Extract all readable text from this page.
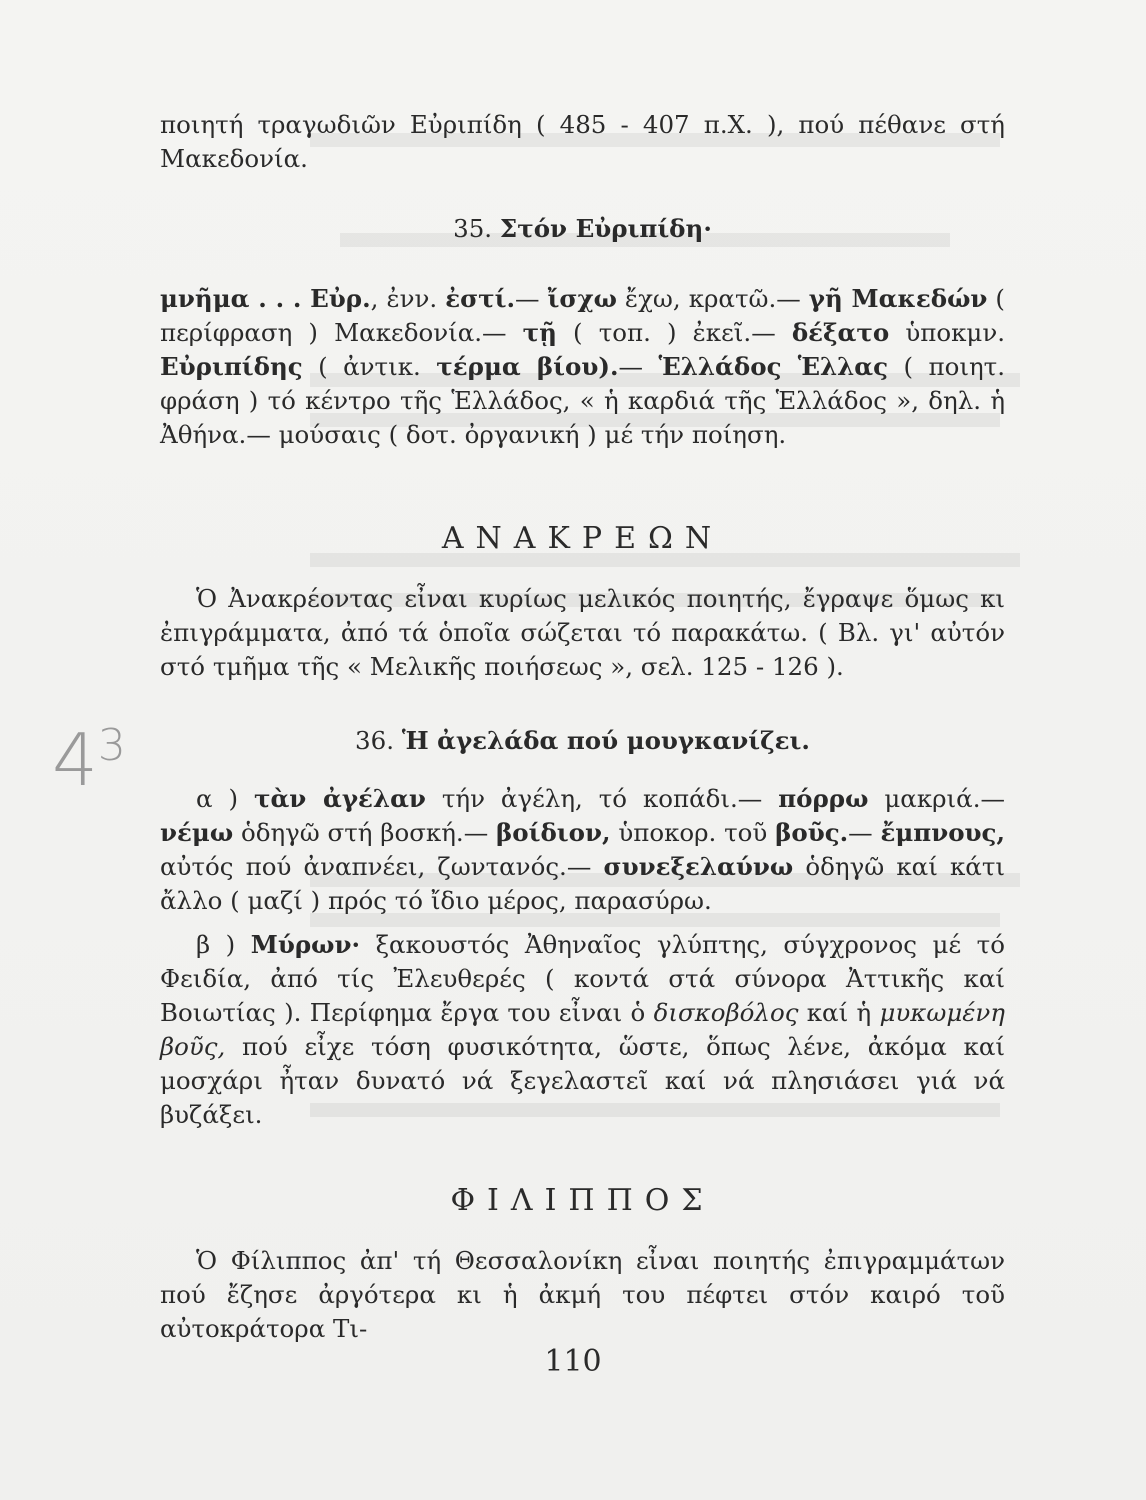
$4^3$
ποιητή τραγωδιῶν Εὐριπίδη ( 485 - 407 π.Χ. ), πού πέθανε στή Μακεδονία.
35. Στόν Εὐριπίδη·
μνῆμα . . . Εὐρ., ἐνν. ἐστί.— ἴσχω ἔχω, κρατῶ.— γῆ Μακεδών ( περίφραση ) Μακεδονία.— τῇ ( τοπ. ) ἐκεῖ.— δέξατο ὑποκμν. Εὐριπίδης ( ἀντικ. τέρμα βίου).— Ἑλλάδος Ἑλλας ( ποιητ. φράση ) τό κέντρο τῆς Ἑλλάδος, « ἡ καρδιά τῆς Ἑλλάδος », δηλ. ἡ Ἀθήνα.— μούσαις ( δοτ. ὀργανική ) μέ τήν ποίηση.
ΑΝΑΚΡΕΩΝ
Ὁ Ἀνακρέοντας εἶναι κυρίως μελικός ποιητής, ἔγραψε ὅμως κι ἐπιγράμματα, ἀπό τά ὁποῖα σώζεται τό παρακάτω. ( Βλ. γι' αὐτόν στό τμῆμα τῆς « Μελικῆς ποιήσεως », σελ. 125 - 126 ).
36. Ἡ ἀγελάδα πού μουγκανίζει.
α ) τὰν ἀγέλαν τήν ἀγέλη, τό κοπάδι.— πόρρω μακριά.— νέμω ὁδηγῶ στή βοσκή.— βοίδιον, ὑποκορ. τοῦ βοῦς.— ἔμπνους, αὐτός πού ἀναπνέει, ζωντανός.— συνεξελαύνω ὁδηγῶ καί κάτι ἄλλο ( μαζί ) πρός τό ἴδιο μέρος, παρασύρω.
β ) Μύρων· ξακουστός Ἀθηναῖος γλύπτης, σύγχρονος μέ τό Φειδία, ἀπό τίς Ἐλευθερές ( κοντά στά σύνορα Ἀττικῆς καί Βοιωτίας ). Περίφημα ἔργα του εἶναι ὁ δισκοβόλος καί ἡ μυκωμένη βοῦς, πού εἶχε τόση φυσικότητα, ὥστε, ὅπως λένε, ἀκόμα καί μοσχάρι ἦταν δυνατό νά ξεγελαστεῖ καί νά πλησιάσει γιά νά βυζάξει.
ΦΙΛΙΠΠΟΣ
Ὁ Φίλιππος ἀπ' τή Θεσσαλονίκη εἶναι ποιητής ἐπιγραμμάτων πού ἔζησε ἀργότερα κι ἡ ἀκμή του πέφτει στόν καιρό τοῦ αὐτοκράτορα Τι-
110
